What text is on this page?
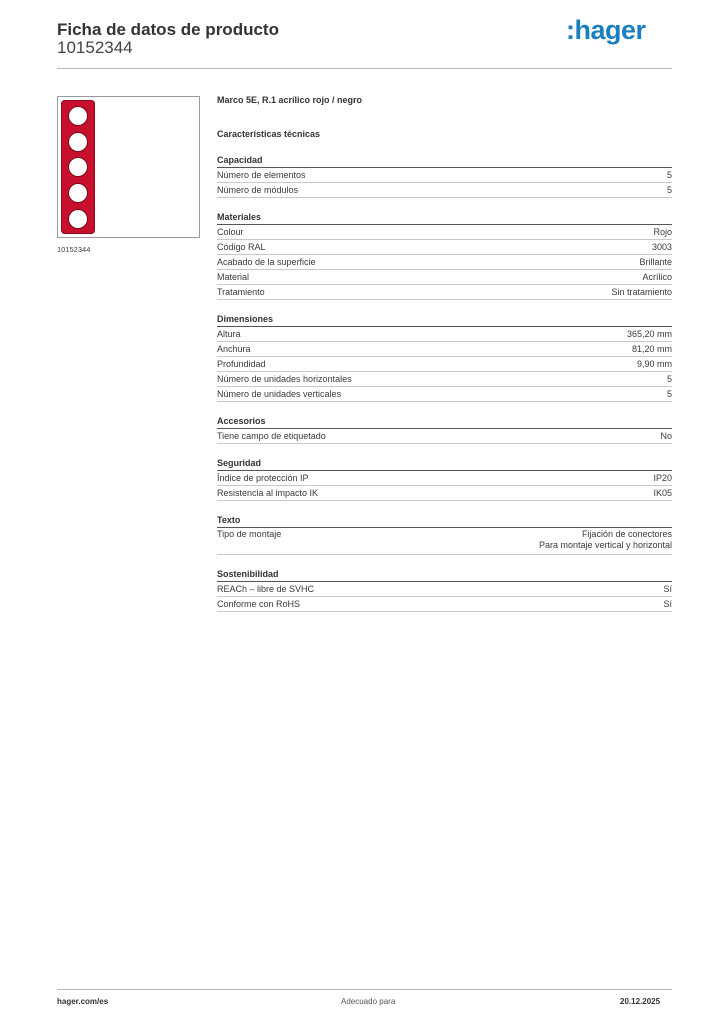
Ficha de datos de producto
10152344
:hager
10152344
Marco 5E, R.1 acrílico rojo / negro
Características técnicas
Capacidad
Número de elementos	5
Número de módulos	5
Materiales
Colour	Rojo
Código RAL	3003
Acabado de la superficie	Brillante
Material	Acrílico
Tratamiento	Sin tratamiento
Dimensiones
Altura	365,20 mm
Anchura	81,20 mm
Profundidad	9,90 mm
Número de unidades horizontales	5
Número de unidades verticales	5
Accesorios
Tiene campo de etiquetado	No
Seguridad
Índice de protección IP	IP20
Resistencia al impacto IK	IK05
Texto
Tipo de montaje	Fijación de conectores
Para montaje vertical y horizontal
Sostenibilidad
REACh – libre de SVHC	Sí
Conforme con RoHS	Sí
hager.com/es	Adecuado para	20.12.2025
